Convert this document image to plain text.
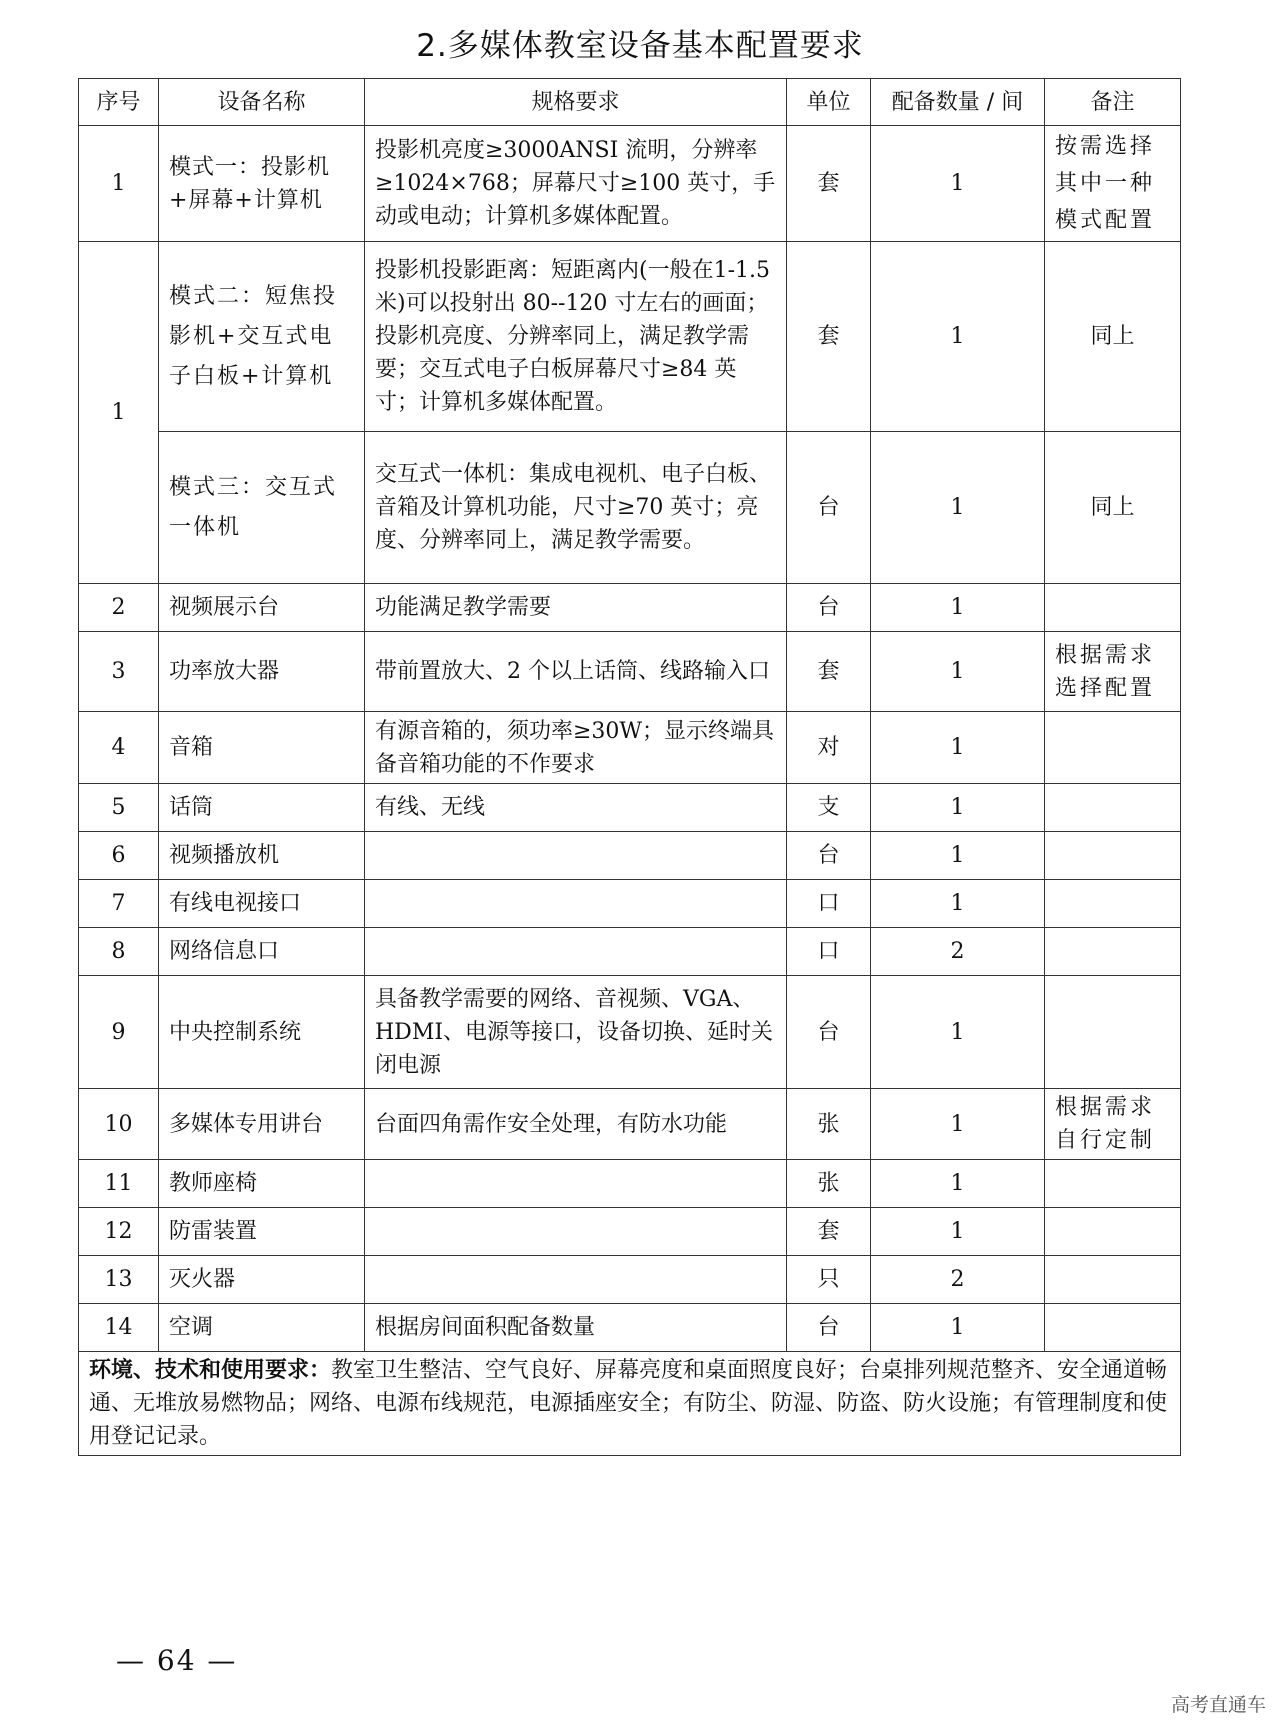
2.多媒体教室设备基本配置要求
序号	设备名称	规格要求	单位	配备数量 / 间	备注
1	模式一：投影机+屏幕+计算机	投影机亮度≥3000ANSI 流明，分辨率≥1024×768；屏幕尺寸≥100 英寸，手动或电动；计算机多媒体配置。	套	1	按需选择其中一种模式配置
1	模式二：短焦投影机+交互式电子白板+计算机	投影机投影距离：短距离内(一般在1-1.5 米)可以投射出 80--120 寸左右的画面；投影机亮度、分辨率同上，满足教学需要；交互式电子白板屏幕尺寸≥84 英寸；计算机多媒体配置。	套	1	同上
	模式三：交互式一体机	交互式一体机：集成电视机、电子白板、音箱及计算机功能，尺寸≥70 英寸；亮度、分辨率同上，满足教学需要。	台	1	同上
2	视频展示台	功能满足教学需要	台	1	
3	功率放大器	带前置放大、2 个以上话筒、线路输入口	套	1	根据需求选择配置
4	音箱	有源音箱的，须功率≥30W；显示终端具备音箱功能的不作要求	对	1	
5	话筒	有线、无线	支	1	
6	视频播放机		台	1	
7	有线电视接口		口	1	
8	网络信息口		口	2	
9	中央控制系统	具备教学需要的网络、音视频、VGA、HDMI、电源等接口，设备切换、延时关闭电源	台	1	
10	多媒体专用讲台	台面四角需作安全处理，有防水功能	张	1	根据需求自行定制
11	教师座椅		张	1	
12	防雷装置		套	1	
13	灭火器		只	2	
14	空调	根据房间面积配备数量	台	1	
环境、技术和使用要求：教室卫生整洁、空气良好、屏幕亮度和桌面照度良好；台桌排列规范整齐、安全通道畅通、无堆放易燃物品；网络、电源布线规范，电源插座安全；有防尘、防湿、防盗、防火设施；有管理制度和使用登记记录。					
— 64 —
高考直通车
